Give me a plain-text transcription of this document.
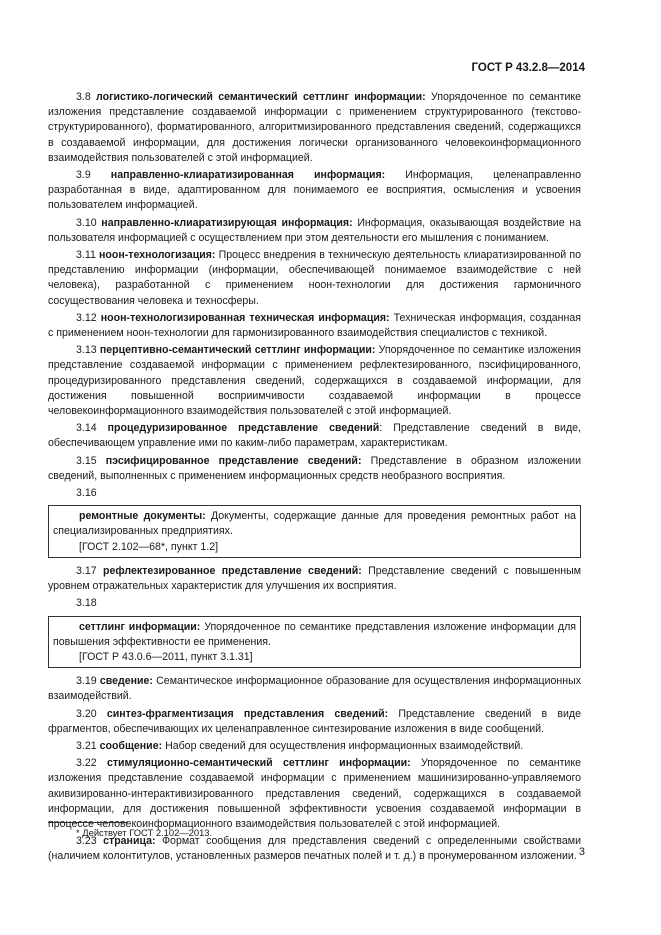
ГОСТ Р 43.2.8—2014

3.8 логистико-логический семантический сеттлинг информации: Упорядоченное по семантике изложения представление создаваемой информации с применением структурированного (текстово-структурированного), форматированного, алгоритмизированного представления сведений, содержащихся в создаваемой информации, для достижения логически организованного человекоинформационного взаимодействия пользователей с этой информацией.

3.9 направленно-клиаратизированная информация: Информация, целенаправленно разработанная в виде, адаптированном для понимаемого ее восприятия, осмысления и усвоения пользователем информацией.

3.10 направленно-клиаратизирующая информация: Информация, оказывающая воздействие на пользователя информацией с осуществлением при этом деятельности его мышления с пониманием.

3.11 ноон-технологизация: Процесс внедрения в техническую деятельность клиаратизированной по представлению информации (информации, обеспечивающей понимаемое взаимодействие с ней человека), разработанной с применением ноон-технологии для достижения гармоничного сосуществования человека и техносферы.

3.12 ноон-технологизированная техническая информация: Техническая информация, созданная с применением ноон-технологии для гармонизированного взаимодействия специалистов с техникой.

3.13 перцептивно-семантический сеттлинг информации: Упорядоченное по семантике изложения представление создаваемой информации с применением рефлектезированного, пэсифицированного, процедуризированного представления сведений, содержащихся в создаваемой информации, для достижения повышенной восприимчивости создаваемой информации в процессе человекоинформационного взаимодействия пользователей с этой информацией.

3.14 процедуризированное представление сведений: Представление сведений в виде, обеспечивающем управление ими по каким-либо параметрам, характеристикам.

3.15 пэсифицированное представление сведений: Представление в образном изложении сведений, выполненных с применением информационных средств необразного восприятия.

3.16

ремонтные документы: Документы, содержащие данные для проведения ремонтных работ на специализированных предприятиях.

[ГОСТ 2.102—68*, пункт 1.2]

3.17 рефлектезированное представление сведений: Представление сведений с повышенным уровнем отражательных характеристик для улучшения их восприятия.

3.18

сеттлинг информации: Упорядоченное по семантике представления изложение информации для повышения эффективности ее применения.

[ГОСТ Р 43.0.6—2011, пункт 3.1.31]

3.19 сведение: Семантическое информационное образование для осуществления информационных взаимодействий.

3.20 синтез-фрагментизация представления сведений: Представление сведений в виде фрагментов, обеспечивающих их целенаправленное синтезирование изложения в виде сообщений.

3.21 сообщение: Набор сведений для осуществления информационных взаимодействий.

3.22 стимуляционно-семантический сеттлинг информации: Упорядоченное по семантике изложения представление создаваемой информации с применением машинизированно-управляемого акивизированно-интерактивизированного представления сведений, содержащихся в создаваемой информации, для достижения повышенной эффективности усвоения создаваемой информации в процессе человекоинформационного взаимодействия пользователей с этой информацией.

3.23 страница: Формат сообщения для представления сведений с определенными свойствами (наличием колонтитулов, установленных размеров печатных полей и т. д.) в пронумерованном изложении.

* Действует ГОСТ 2.102—2013.
3
